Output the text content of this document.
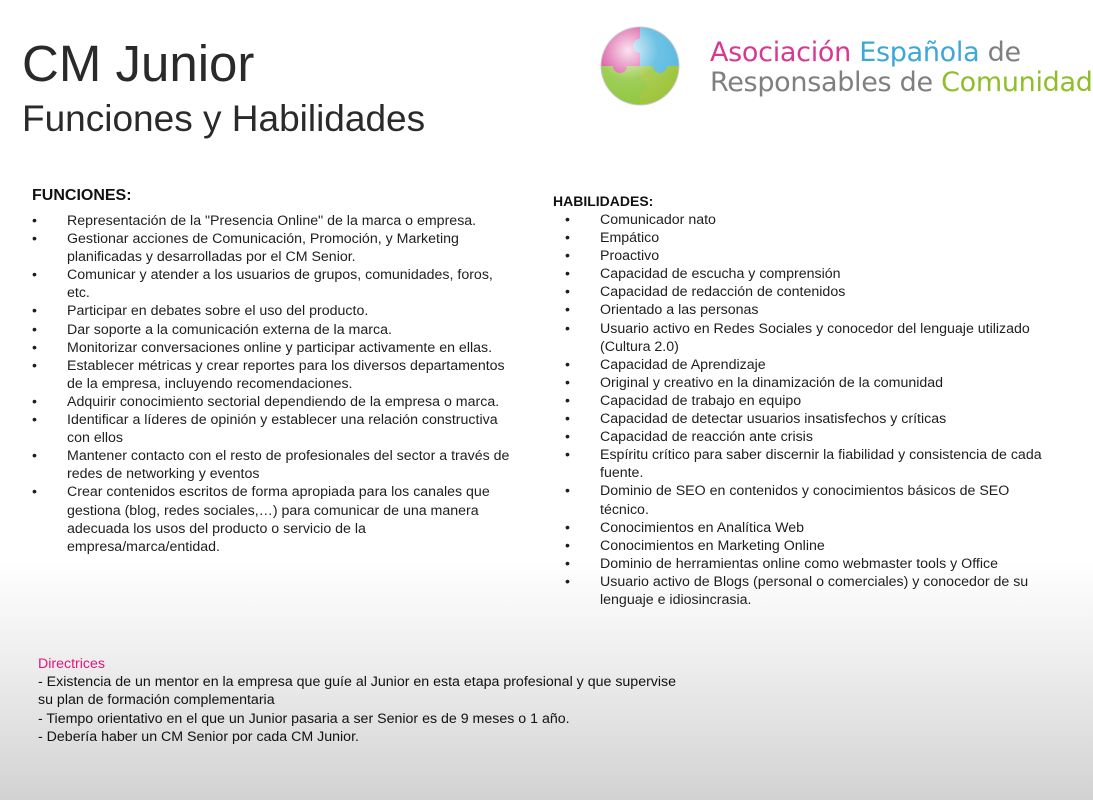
CM Junior
Funciones y Habilidades
Asociación Española de
Responsables de Comunidad
FUNCIONES:
• Representación de la "Presencia Online" de la marca o empresa.
• Gestionar acciones de Comunicación, Promoción, y Marketing planificadas y desarrolladas por el CM Senior.
• Comunicar y atender a los usuarios de grupos, comunidades, foros, etc.
• Participar en debates sobre el uso del producto.
• Dar soporte a la comunicación externa de la marca.
• Monitorizar conversaciones online y participar activamente en ellas.
• Establecer métricas y crear reportes para los diversos departamentos de la empresa, incluyendo recomendaciones.
• Adquirir conocimiento sectorial dependiendo de la empresa o marca.
• Identificar a líderes de opinión y establecer una relación constructiva con ellos
• Mantener contacto con el resto de profesionales del sector a través de redes de networking y eventos
• Crear contenidos escritos de forma apropiada para los canales que gestiona (blog, redes sociales,…) para comunicar de una manera adecuada los usos del producto o servicio de la empresa/marca/entidad.
HABILIDADES:
• Comunicador nato
• Empático
• Proactivo
• Capacidad de escucha y comprensión
• Capacidad de redacción de contenidos
• Orientado a las personas
• Usuario activo en Redes Sociales y conocedor del lenguaje utilizado (Cultura 2.0)
• Capacidad de Aprendizaje
• Original y creativo en la dinamización de la comunidad
• Capacidad de trabajo en equipo
• Capacidad de detectar usuarios insatisfechos y críticas
• Capacidad de reacción ante crisis
• Espíritu crítico para saber discernir la fiabilidad y consistencia de cada fuente.
• Dominio de SEO en contenidos y conocimientos básicos de SEO técnico.
• Conocimientos en Analítica Web
• Conocimientos en Marketing Online
• Dominio de herramientas online como webmaster tools y Office
• Usuario activo de Blogs (personal o comerciales) y conocedor de su lenguaje e idiosincrasia.
Directrices
- Existencia de un mentor en la empresa que guíe al Junior en esta etapa profesional y que supervise su plan de formación complementaria
- Tiempo orientativo en el que un Junior pasaria a ser Senior es de 9 meses o 1 año.
- Debería haber un CM Senior por cada CM Junior.
